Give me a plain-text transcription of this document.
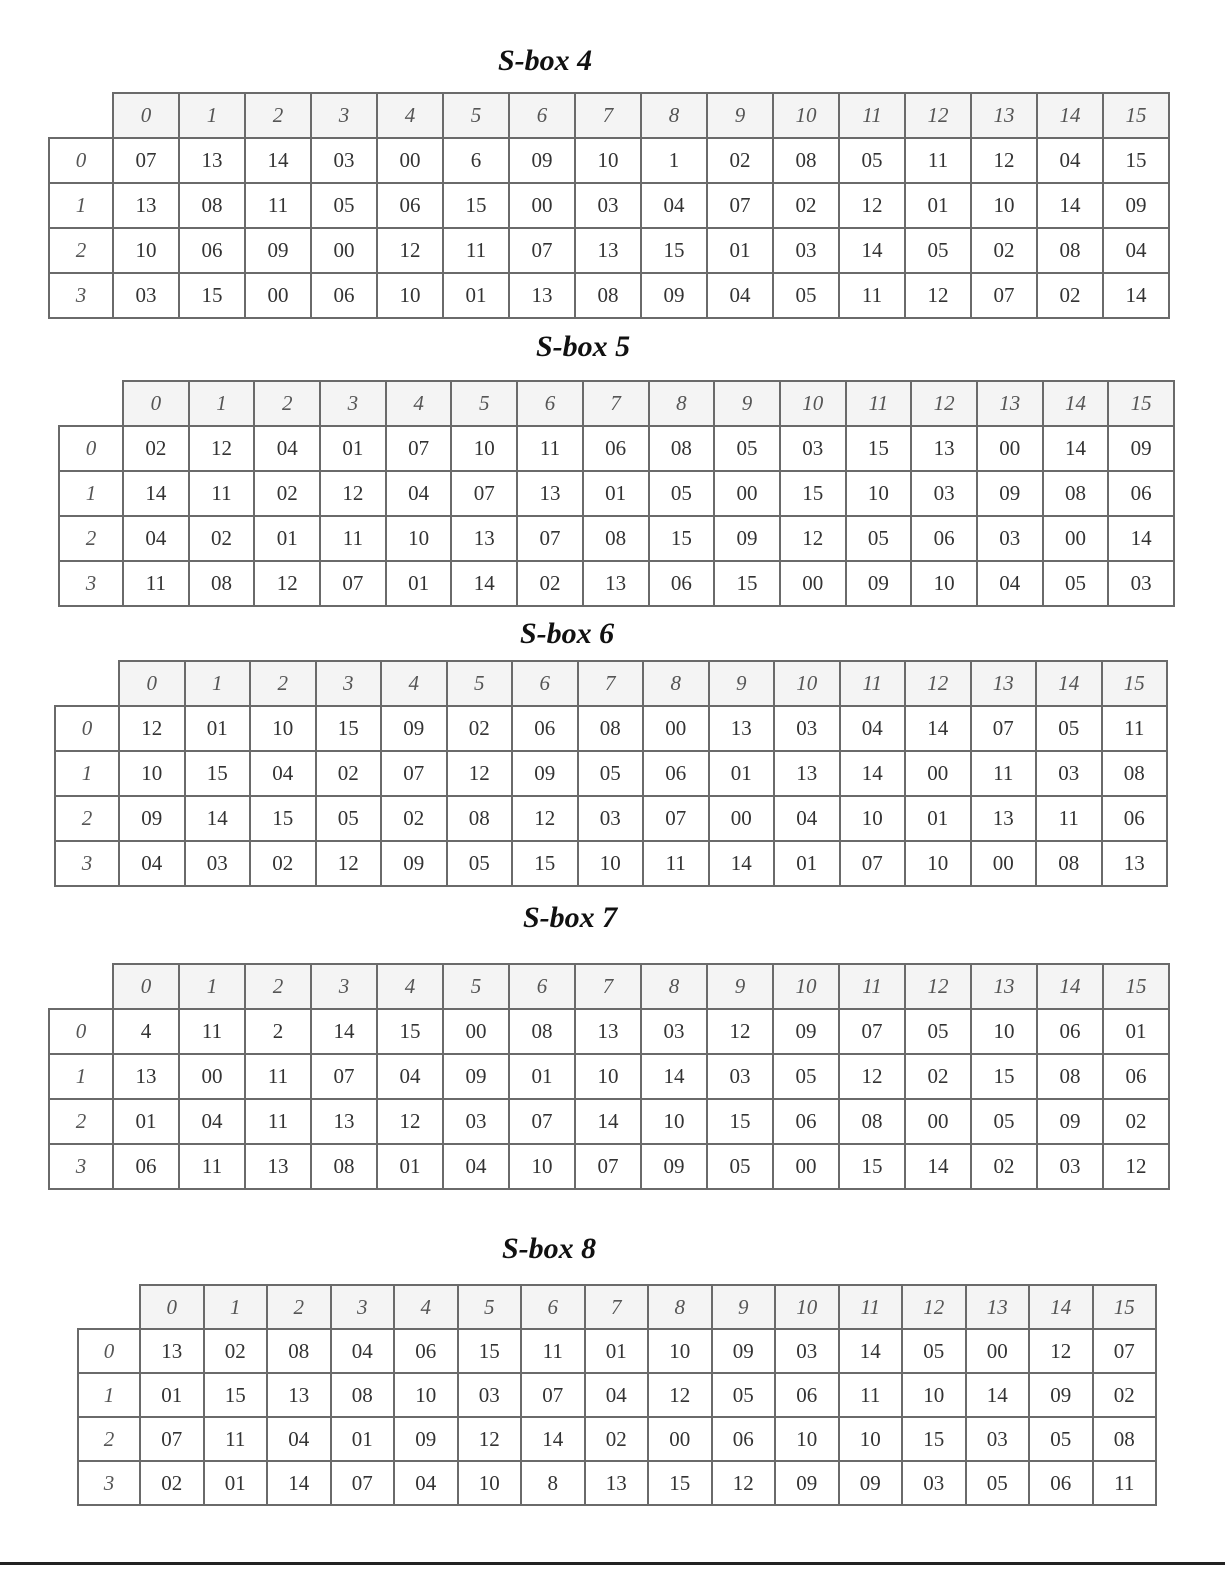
S-box 4
	0	1	2	3	4	5	6	7	8	9	10	11	12	13	14	15
0	07	13	14	03	00	6	09	10	1	02	08	05	11	12	04	15
1	13	08	11	05	06	15	00	03	04	07	02	12	01	10	14	09
2	10	06	09	00	12	11	07	13	15	01	03	14	05	02	08	04
3	03	15	00	06	10	01	13	08	09	04	05	11	12	07	02	14
S-box 5
	0	1	2	3	4	5	6	7	8	9	10	11	12	13	14	15
0	02	12	04	01	07	10	11	06	08	05	03	15	13	00	14	09
1	14	11	02	12	04	07	13	01	05	00	15	10	03	09	08	06
2	04	02	01	11	10	13	07	08	15	09	12	05	06	03	00	14
3	11	08	12	07	01	14	02	13	06	15	00	09	10	04	05	03
S-box 6
	0	1	2	3	4	5	6	7	8	9	10	11	12	13	14	15
0	12	01	10	15	09	02	06	08	00	13	03	04	14	07	05	11
1	10	15	04	02	07	12	09	05	06	01	13	14	00	11	03	08
2	09	14	15	05	02	08	12	03	07	00	04	10	01	13	11	06
3	04	03	02	12	09	05	15	10	11	14	01	07	10	00	08	13
S-box 7
	0	1	2	3	4	5	6	7	8	9	10	11	12	13	14	15
0	4	11	2	14	15	00	08	13	03	12	09	07	05	10	06	01
1	13	00	11	07	04	09	01	10	14	03	05	12	02	15	08	06
2	01	04	11	13	12	03	07	14	10	15	06	08	00	05	09	02
3	06	11	13	08	01	04	10	07	09	05	00	15	14	02	03	12
S-box 8
	0	1	2	3	4	5	6	7	8	9	10	11	12	13	14	15
0	13	02	08	04	06	15	11	01	10	09	03	14	05	00	12	07
1	01	15	13	08	10	03	07	04	12	05	06	11	10	14	09	02
2	07	11	04	01	09	12	14	02	00	06	10	10	15	03	05	08
3	02	01	14	07	04	10	8	13	15	12	09	09	03	05	06	11
